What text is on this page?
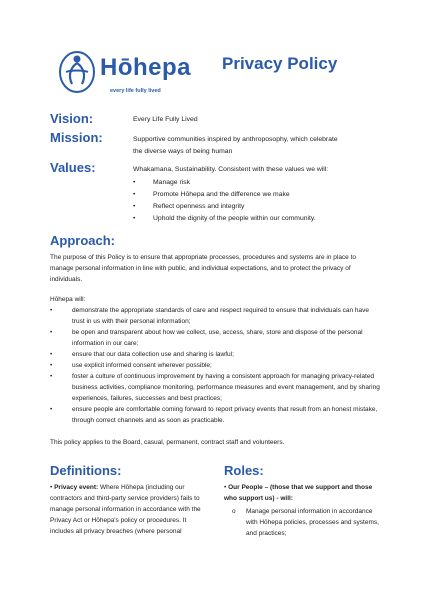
Hōhepa
every life fully lived
Privacy Policy
Vision:	Every Life Fully Lived
Mission:	Supportive communities inspired by anthroposophy, which celebrate the diverse ways of being human
Values:	Whakamana, Sustainability. Consistent with these values we will:
• Manage risk
• Promote Hōhepa and the difference we make
• Reflect openness and integrity
• Uphold the dignity of the people within our community.
Approach:
The purpose of this Policy is to ensure that appropriate processes, procedures and systems are in place to manage personal information in line with public, and individual expectations, and to protect the privacy of individuals.
Hōhepa will:
• demonstrate the appropriate standards of care and respect required to ensure that individuals can have trust in us with their personal information;
• be open and transparent about how we collect, use, access, share, store and dispose of the personal information in our care;
• ensure that our data collection use and sharing is lawful;
• use explicit informed consent wherever possible;
• foster a culture of continuous improvement by having a consistent approach for managing privacy-related business activities, compliance monitoring, performance measures and event management, and by sharing experiences, failures, successes and best practices;
• ensure people are comfortable coming forward to report privacy events that result from an honest mistake, through correct channels and as soon as practicable.
This policy applies to the Board, casual, permanent, contract staff and volunteers.
Definitions:
• Privacy event: Where Hōhepa (including our contractors and third-party service providers) fails to manage personal information in accordance with the Privacy Act or Hōhepa's policy or procedures. It includes all privacy breaches (where personal
Roles:
• Our People – (those that we support and those who support us) - will:
o Manage personal information in accordance with Hōhepa policies, processes and systems, and practices;
